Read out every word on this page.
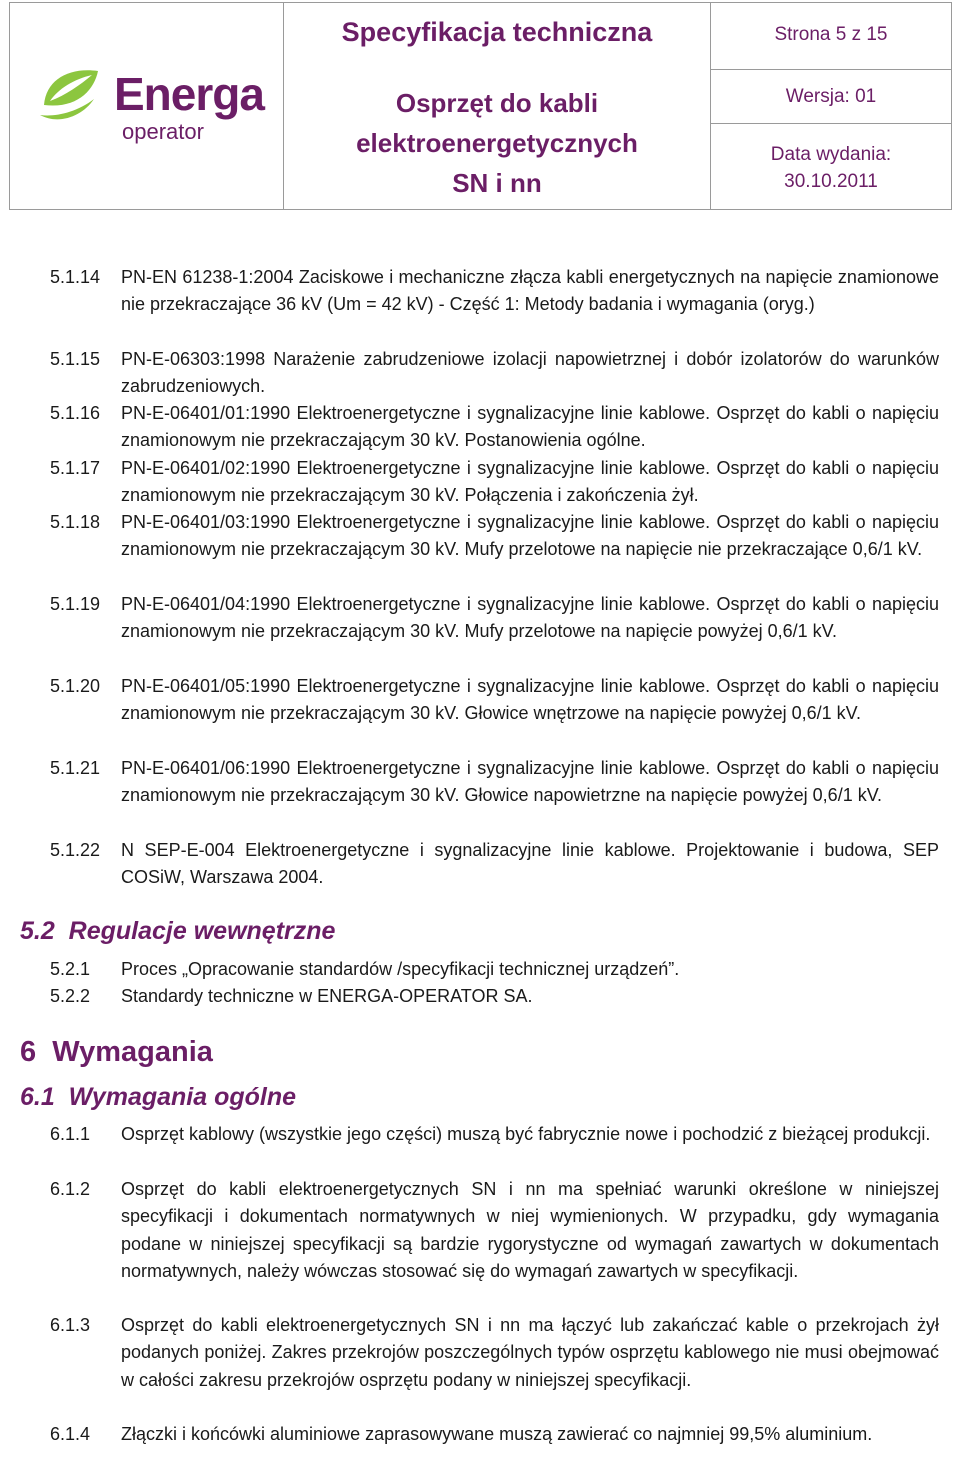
Energa
operator
Specyfikacja techniczna
Osprzęt do kabli
elektroenergetycznych
SN i nn
Strona 5 z 15
Wersja: 01
Data wydania:
30.10.2011
5.1.14	PN-EN 61238-1:2004 Zaciskowe i mechaniczne złącza kabli energetycznych na napięcie znamionowe nie przekraczające 36 kV (Um = 42 kV) - Część 1: Metody badania i wymagania (oryg.)
5.1.15	PN-E-06303:1998 Narażenie zabrudzeniowe izolacji napowietrznej i dobór izolatorów do warunków zabrudzeniowych.
5.1.16	PN-E-06401/01:1990 Elektroenergetyczne i sygnalizacyjne linie kablowe. Osprzęt do kabli o napięciu znamionowym nie przekraczającym 30 kV. Postanowienia ogólne.
5.1.17	PN-E-06401/02:1990 Elektroenergetyczne i sygnalizacyjne linie kablowe. Osprzęt do kabli o napięciu znamionowym nie przekraczającym 30 kV. Połączenia i zakończenia żył.
5.1.18	PN-E-06401/03:1990 Elektroenergetyczne i sygnalizacyjne linie kablowe. Osprzęt do kabli o napięciu znamionowym nie przekraczającym 30 kV. Mufy przelotowe na napięcie nie przekraczające 0,6/1 kV.
5.1.19	PN-E-06401/04:1990 Elektroenergetyczne i sygnalizacyjne linie kablowe. Osprzęt do kabli o napięciu znamionowym nie przekraczającym 30 kV. Mufy przelotowe na napięcie powyżej 0,6/1 kV.
5.1.20	PN-E-06401/05:1990 Elektroenergetyczne i sygnalizacyjne linie kablowe. Osprzęt do kabli o napięciu znamionowym nie przekraczającym 30 kV. Głowice wnętrzowe na napięcie powyżej 0,6/1 kV.
5.1.21	PN-E-06401/06:1990 Elektroenergetyczne i sygnalizacyjne linie kablowe. Osprzęt do kabli o napięciu znamionowym nie przekraczającym 30 kV. Głowice napowietrzne na napięcie powyżej 0,6/1 kV.
5.1.22	N SEP-E-004 Elektroenergetyczne i sygnalizacyjne linie kablowe. Projektowanie i budowa, SEP COSiW, Warszawa 2004.
5.2 Regulacje wewnętrzne
5.2.1	Proces „Opracowanie standardów /specyfikacji technicznej urządzeń”.
5.2.2	Standardy techniczne w ENERGA-OPERATOR SA.
6 Wymagania
6.1 Wymagania ogólne
6.1.1	Osprzęt kablowy (wszystkie jego części) muszą być fabrycznie nowe i pochodzić z bieżącej produkcji.
6.1.2	Osprzęt do kabli elektroenergetycznych SN i nn ma spełniać warunki określone w niniejszej specyfikacji i dokumentach normatywnych w niej wymienionych. W przypadku, gdy wymagania podane w niniejszej specyfikacji są bardzie rygorystyczne od wymagań zawartych w dokumentach normatywnych, należy wówczas stosować się do wymagań zawartych w specyfikacji.
6.1.3	Osprzęt do kabli elektroenergetycznych SN i nn ma łączyć lub zakańczać kable o przekrojach żył podanych poniżej. Zakres przekrojów poszczególnych typów osprzętu kablowego nie musi obejmować w całości zakresu przekrojów osprzętu podany w niniejszej specyfikacji.
6.1.4	Złączki i końcówki aluminiowe zaprasowywane muszą zawierać co najmniej 99,5% aluminium.
